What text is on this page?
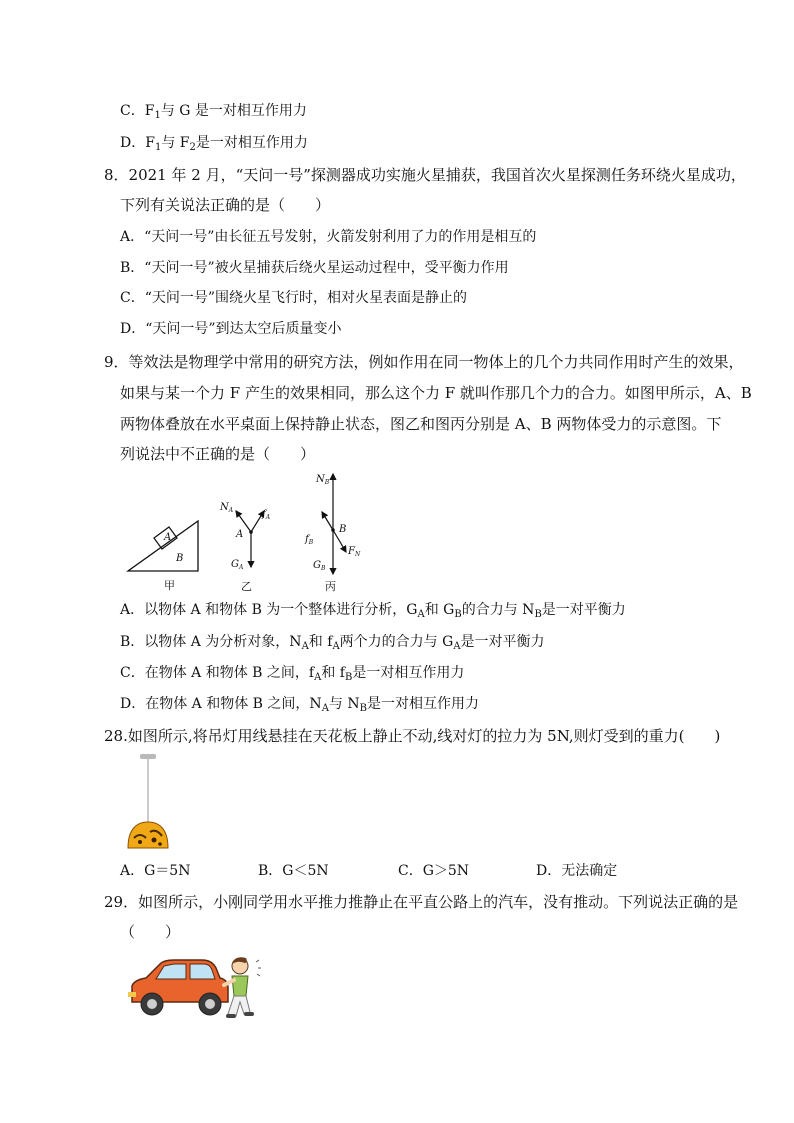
C．$F_1$与 G 是一对相互作用力
D．$F_1$与 $F_2$是一对相互作用力
8．2021 年 2 月，“天问一号”探测器成功实施火星捕获，我国首次火星探测任务环绕火星成功，
下列有关说法正确的是（　　）
A．“天问一号”由长征五号发射，火箭发射利用了力的作用是相互的
B．“天问一号”被火星捕获后绕火星运动过程中，受平衡力作用
C．“天问一号”围绕火星飞行时，相对火星表面是静止的
D．“天问一号”到达太空后质量变小
9．等效法是物理学中常用的研究方法，例如作用在同一物体上的几个力共同作用时产生的效果，
如果与某一个力 F 产生的效果相同，那么这个力 F 就叫作那几个力的合力。如图甲所示，A、B
两物体叠放在水平桌面上保持静止状态，图乙和图丙分别是 A、B 两物体受力的示意图。下
列说法中不正确的是（　　）
A
B
甲
$N_A$	$f_A$
A
$G_A$
乙
$N_B$
$f_B$
B
$F_N$
$G_B$
丙
A．以物体 A 和物体 B 为一个整体进行分析，$G_A$和 $G_B$的合力与 $N_B$是一对平衡力
B．以物体 A 为分析对象，$N_A$和 $f_A$两个力的合力与 $G_A$是一对平衡力
C．在物体 A 和物体 B 之间，$f_A$和 $f_B$是一对相互作用力
D．在物体 A 和物体 B 之间，$N_A$与 $N_B$是一对相互作用力
28.如图所示,将吊灯用线悬挂在天花板上静止不动,线对灯的拉力为 5N,则灯受到的重力(　　)
A．G＝5N	B．G＜5N	C．G＞5N	D．无法确定
29．如图所示，小刚同学用水平推力推静止在平直公路上的汽车，没有推动。下列说法正确的是
（　　）
